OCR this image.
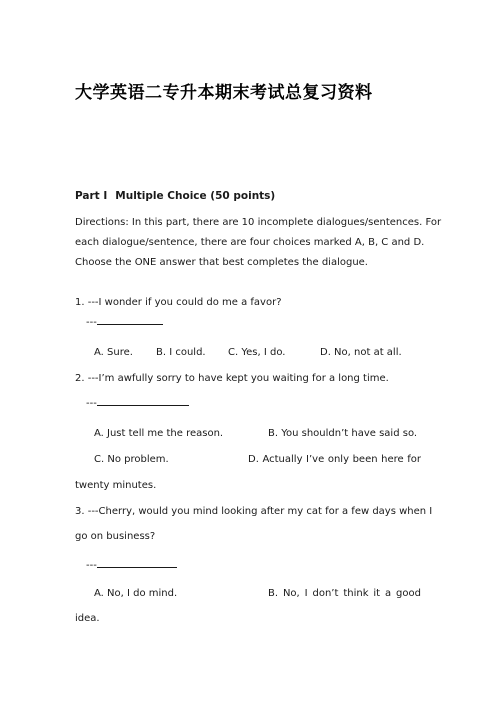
大学英语二专升本期末考试总复习资料
Part I Multiple Choice (50 points)
Directions: In this part, there are 10 incomplete dialogues/sentences. For
each dialogue/sentence, there are four choices marked A, B, C and D.
Choose the ONE answer that best completes the dialogue.
1. ---I wonder if you could do me a favor?
---
A. Sure. B. I could. C. Yes, I do.	D. No, not at all.
2. ---I’m awfully sorry to have kept you waiting for a long time.
---
A. Just tell me the reason.	B. You shouldn’t have said so.
C. No problem.	D. Actually I’ve only been here for
twenty minutes.
3. ---Cherry, would you mind looking after my cat for a few days when I
go on business?
---
A. No, I do mind.	B. No, I don’t think it a good
idea.
